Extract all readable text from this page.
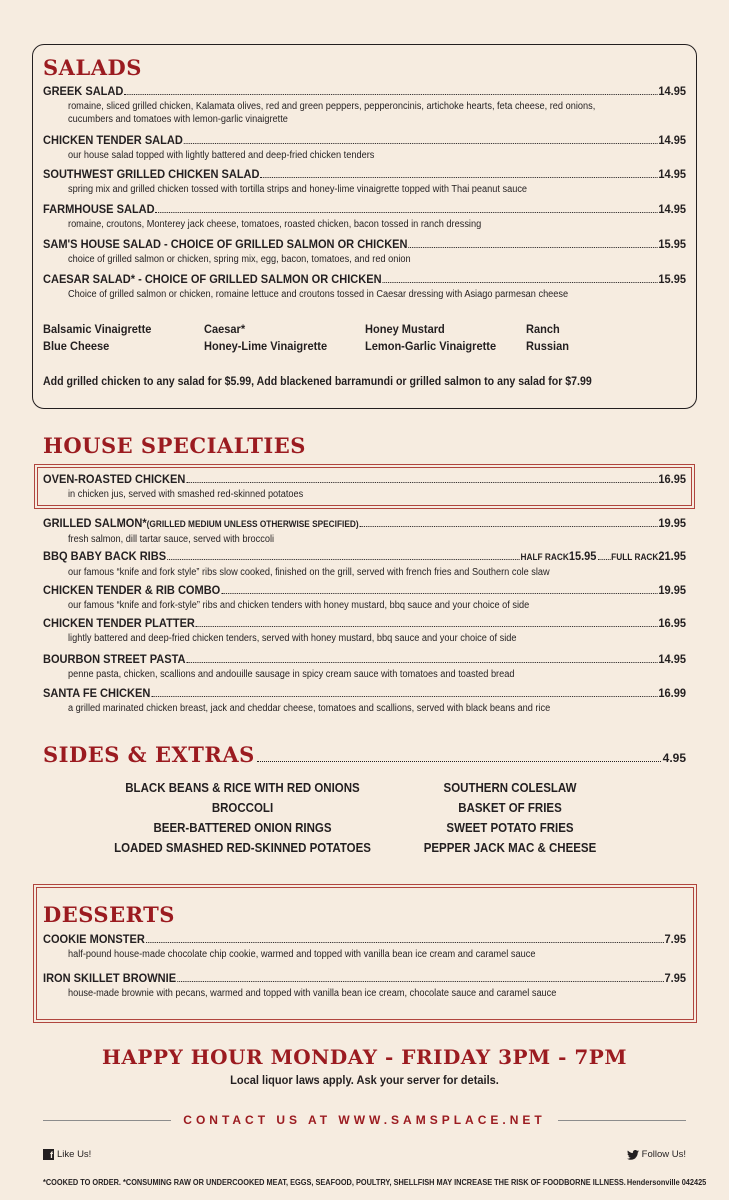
SALADS
GREEK SALAD	14.95
romaine, sliced grilled chicken, Kalamata olives, red and green peppers, pepperoncinis, artichoke hearts, feta cheese, red onions,
cucumbers and tomatoes with lemon-garlic vinaigrette
CHICKEN TENDER SALAD	14.95
our house salad topped with lightly battered and deep-fried chicken tenders
SOUTHWEST GRILLED CHICKEN SALAD	14.95
spring mix and grilled chicken tossed with tortilla strips and honey-lime vinaigrette topped with Thai peanut sauce
FARMHOUSE SALAD	14.95
romaine, croutons, Monterey jack cheese, tomatoes, roasted chicken, bacon tossed in ranch dressing
SAM'S HOUSE SALAD - CHOICE OF GRILLED SALMON OR CHICKEN	15.95
choice of grilled salmon or chicken, spring mix, egg, bacon, tomatoes, and red onion
CAESAR SALAD* - CHOICE OF GRILLED SALMON OR CHICKEN	15.95
Choice of grilled salmon or chicken, romaine lettuce and croutons tossed in Caesar dressing with Asiago parmesan cheese
Balsamic Vinaigrette	Caesar*	Honey Mustard	Ranch
Blue Cheese	Honey-Lime Vinaigrette	Lemon-Garlic Vinaigrette	Russian
Add grilled chicken to any salad for $5.99, Add blackened barramundi or grilled salmon to any salad for $7.99
HOUSE SPECIALTIES
OVEN-ROASTED CHICKEN	16.95
in chicken jus, served with smashed red-skinned potatoes
GRILLED SALMON* (GRILLED MEDIUM UNLESS OTHERWISE SPECIFIED)	19.95
fresh salmon, dill tartar sauce, served with broccoli
BBQ BABY BACK RIBS	HALF RACK 15.95 FULL RACK 21.95
our famous “knife and fork style” ribs slow cooked, finished on the grill, served with french fries and Southern cole slaw
CHICKEN TENDER & RIB COMBO	19.95
our famous “knife and fork-style” ribs and chicken tenders with honey mustard, bbq sauce and your choice of side
CHICKEN TENDER PLATTER	16.95
lightly battered and deep-fried chicken tenders, served with honey mustard, bbq sauce and your choice of side
BOURBON STREET PASTA	14.95
penne pasta, chicken, scallions and andouille sausage in spicy cream sauce with tomatoes and toasted bread
SANTA FE CHICKEN	16.99
a grilled marinated chicken breast, jack and cheddar cheese, tomatoes and scallions, served with black beans and rice
SIDES & EXTRAS	4.95
BLACK BEANS & RICE WITH RED ONIONS
BROCCOLI
BEER-BATTERED ONION RINGS
LOADED SMASHED RED-SKINNED POTATOES
SOUTHERN COLESLAW
BASKET OF FRIES
SWEET POTATO FRIES
PEPPER JACK MAC & CHEESE
DESSERTS
COOKIE MONSTER	7.95
half-pound house-made chocolate chip cookie, warmed and topped with vanilla bean ice cream and caramel sauce
IRON SKILLET BROWNIE	7.95
house-made brownie with pecans, warmed and topped with vanilla bean ice cream, chocolate sauce and caramel sauce
HAPPY HOUR MONDAY - FRIDAY 3PM - 7PM
Local liquor laws apply. Ask your server for details.
CONTACT US AT WWW.SAMSPLACE.NET
f Like Us!	Follow Us!
*COOKED TO ORDER. *CONSUMING RAW OR UNDERCOOKED MEAT, EGGS, SEAFOOD, POULTRY, SHELLFISH MAY INCREASE THE RISK OF FOODBORNE ILLNESS. Hendersonville 042425
